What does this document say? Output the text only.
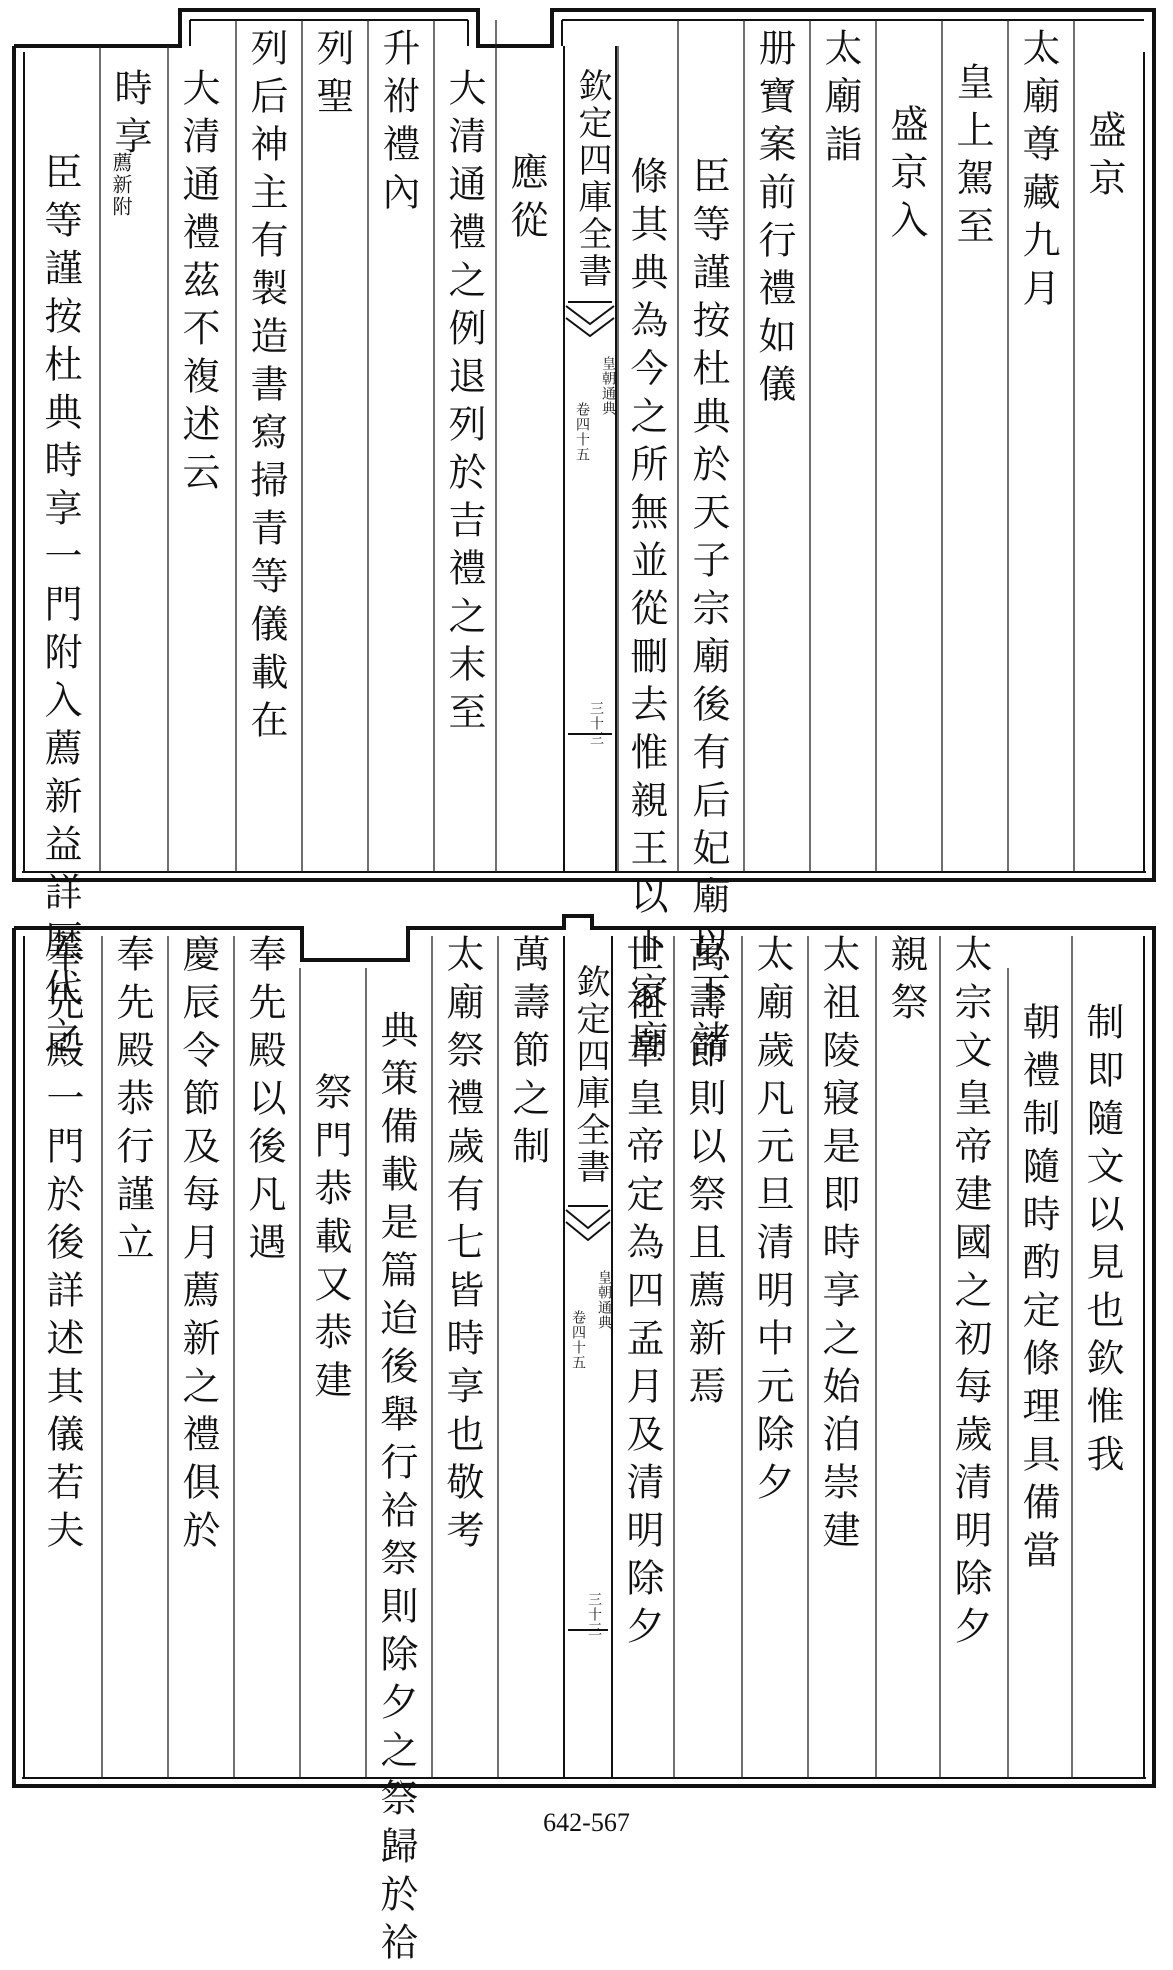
欽定四庫全書
皇朝通典
卷四十五
三十三
盛京
太廟尊藏九月
皇上駕至
盛京入
太廟詣
册寶案前行禮如儀
臣等謹按杜典於天子宗廟後有后妃廟以下諸
條其典為今之所無並從刪去惟親王以下家廟
應從
大清通禮之例退列於吉禮之末至
升祔禮內
列聖
列后神主有製造書寫掃青等儀載在
大清通禮茲不複述云
時享
薦新附
臣等謹按杜典時享一門附入薦新益詳歷代之
欽定四庫全書
皇朝通典
卷四十五
三十三
制即隨文以見也欽惟我
朝禮制隨時酌定條理具備當
太宗文皇帝建國之初每歲清明除夕
親祭
太祖陵寢是即時享之始洎崇建
太廟歲凡元旦清明中元除夕
萬壽節則以祭且薦新焉
世祖章皇帝定為四孟月及清明除夕
萬壽節之制
太廟祭禮歲有七皆時享也敬考
典策備載是篇迨後舉行祫祭則除夕之祭歸於祫
祭門恭載又恭建
奉先殿以後凡遇
慶辰令節及每月薦新之禮俱於
奉先殿恭行謹立
奉先殿一門於後詳述其儀若夫
642-567
